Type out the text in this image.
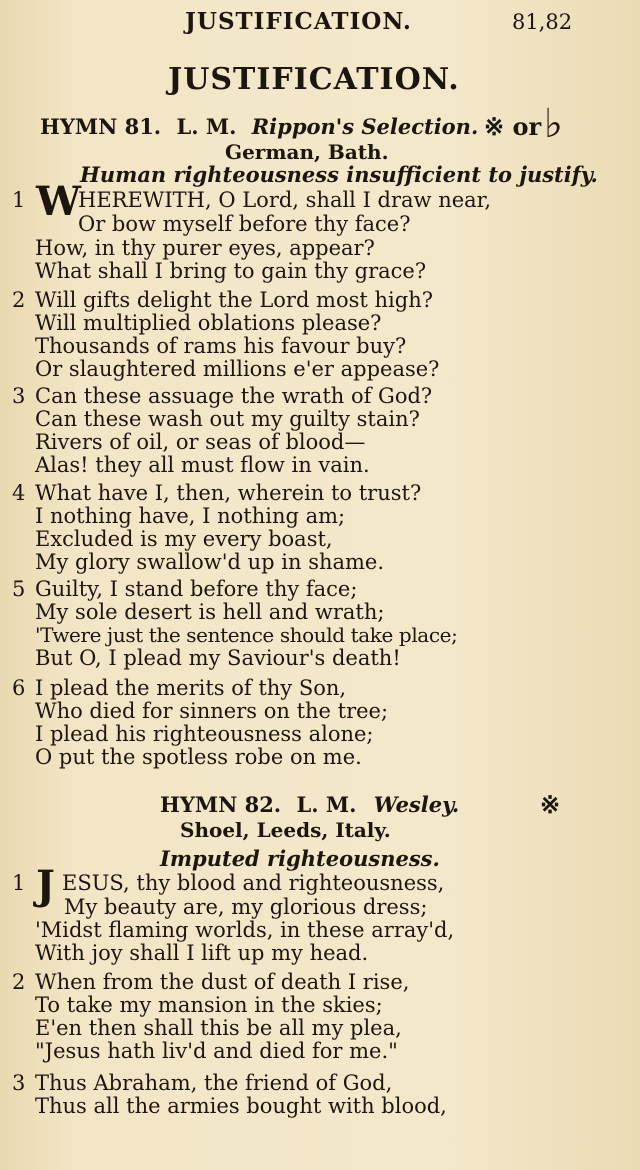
JUSTIFICATION.	81,82
JUSTIFICATION.
HYMN 81. L. M. Rippon's Selection. ※ or ♭
German, Bath.
Human righteousness insufficient to justify.
1 W
HEREWITH, O Lord, shall I draw near,
Or bow myself before thy face?
How, in thy purer eyes, appear?
What shall I bring to gain thy grace?
2 Will gifts delight the Lord most high?
Will multiplied oblations please?
Thousands of rams his favour buy?
Or slaughtered millions e'er appease?
3 Can these assuage the wrath of God?
Can these wash out my guilty stain?
Rivers of oil, or seas of blood—
Alas! they all must flow in vain.
4 What have I, then, wherein to trust?
I nothing have, I nothing am;
Excluded is my every boast,
My glory swallow'd up in shame.
5 Guilty, I stand before thy face;
My sole desert is hell and wrath;
'Twere just the sentence should take place;
But O, I plead my Saviour's death!
6 I plead the merits of thy Son,
Who died for sinners on the tree;
I plead his righteousness alone;
O put the spotless robe on me.
HYMN 82. L. M. Wesley.	※
Shoel, Leeds, Italy.
Imputed righteousness.
1 J ESUS, thy blood and righteousness,
My beauty are, my glorious dress;
'Midst flaming worlds, in these array'd,
With joy shall I lift up my head.
2 When from the dust of death I rise,
To take my mansion in the skies;
E'en then shall this be all my plea,
"Jesus hath liv'd and died for me."
3 Thus Abraham, the friend of God,
Thus all the armies bought with blood,
